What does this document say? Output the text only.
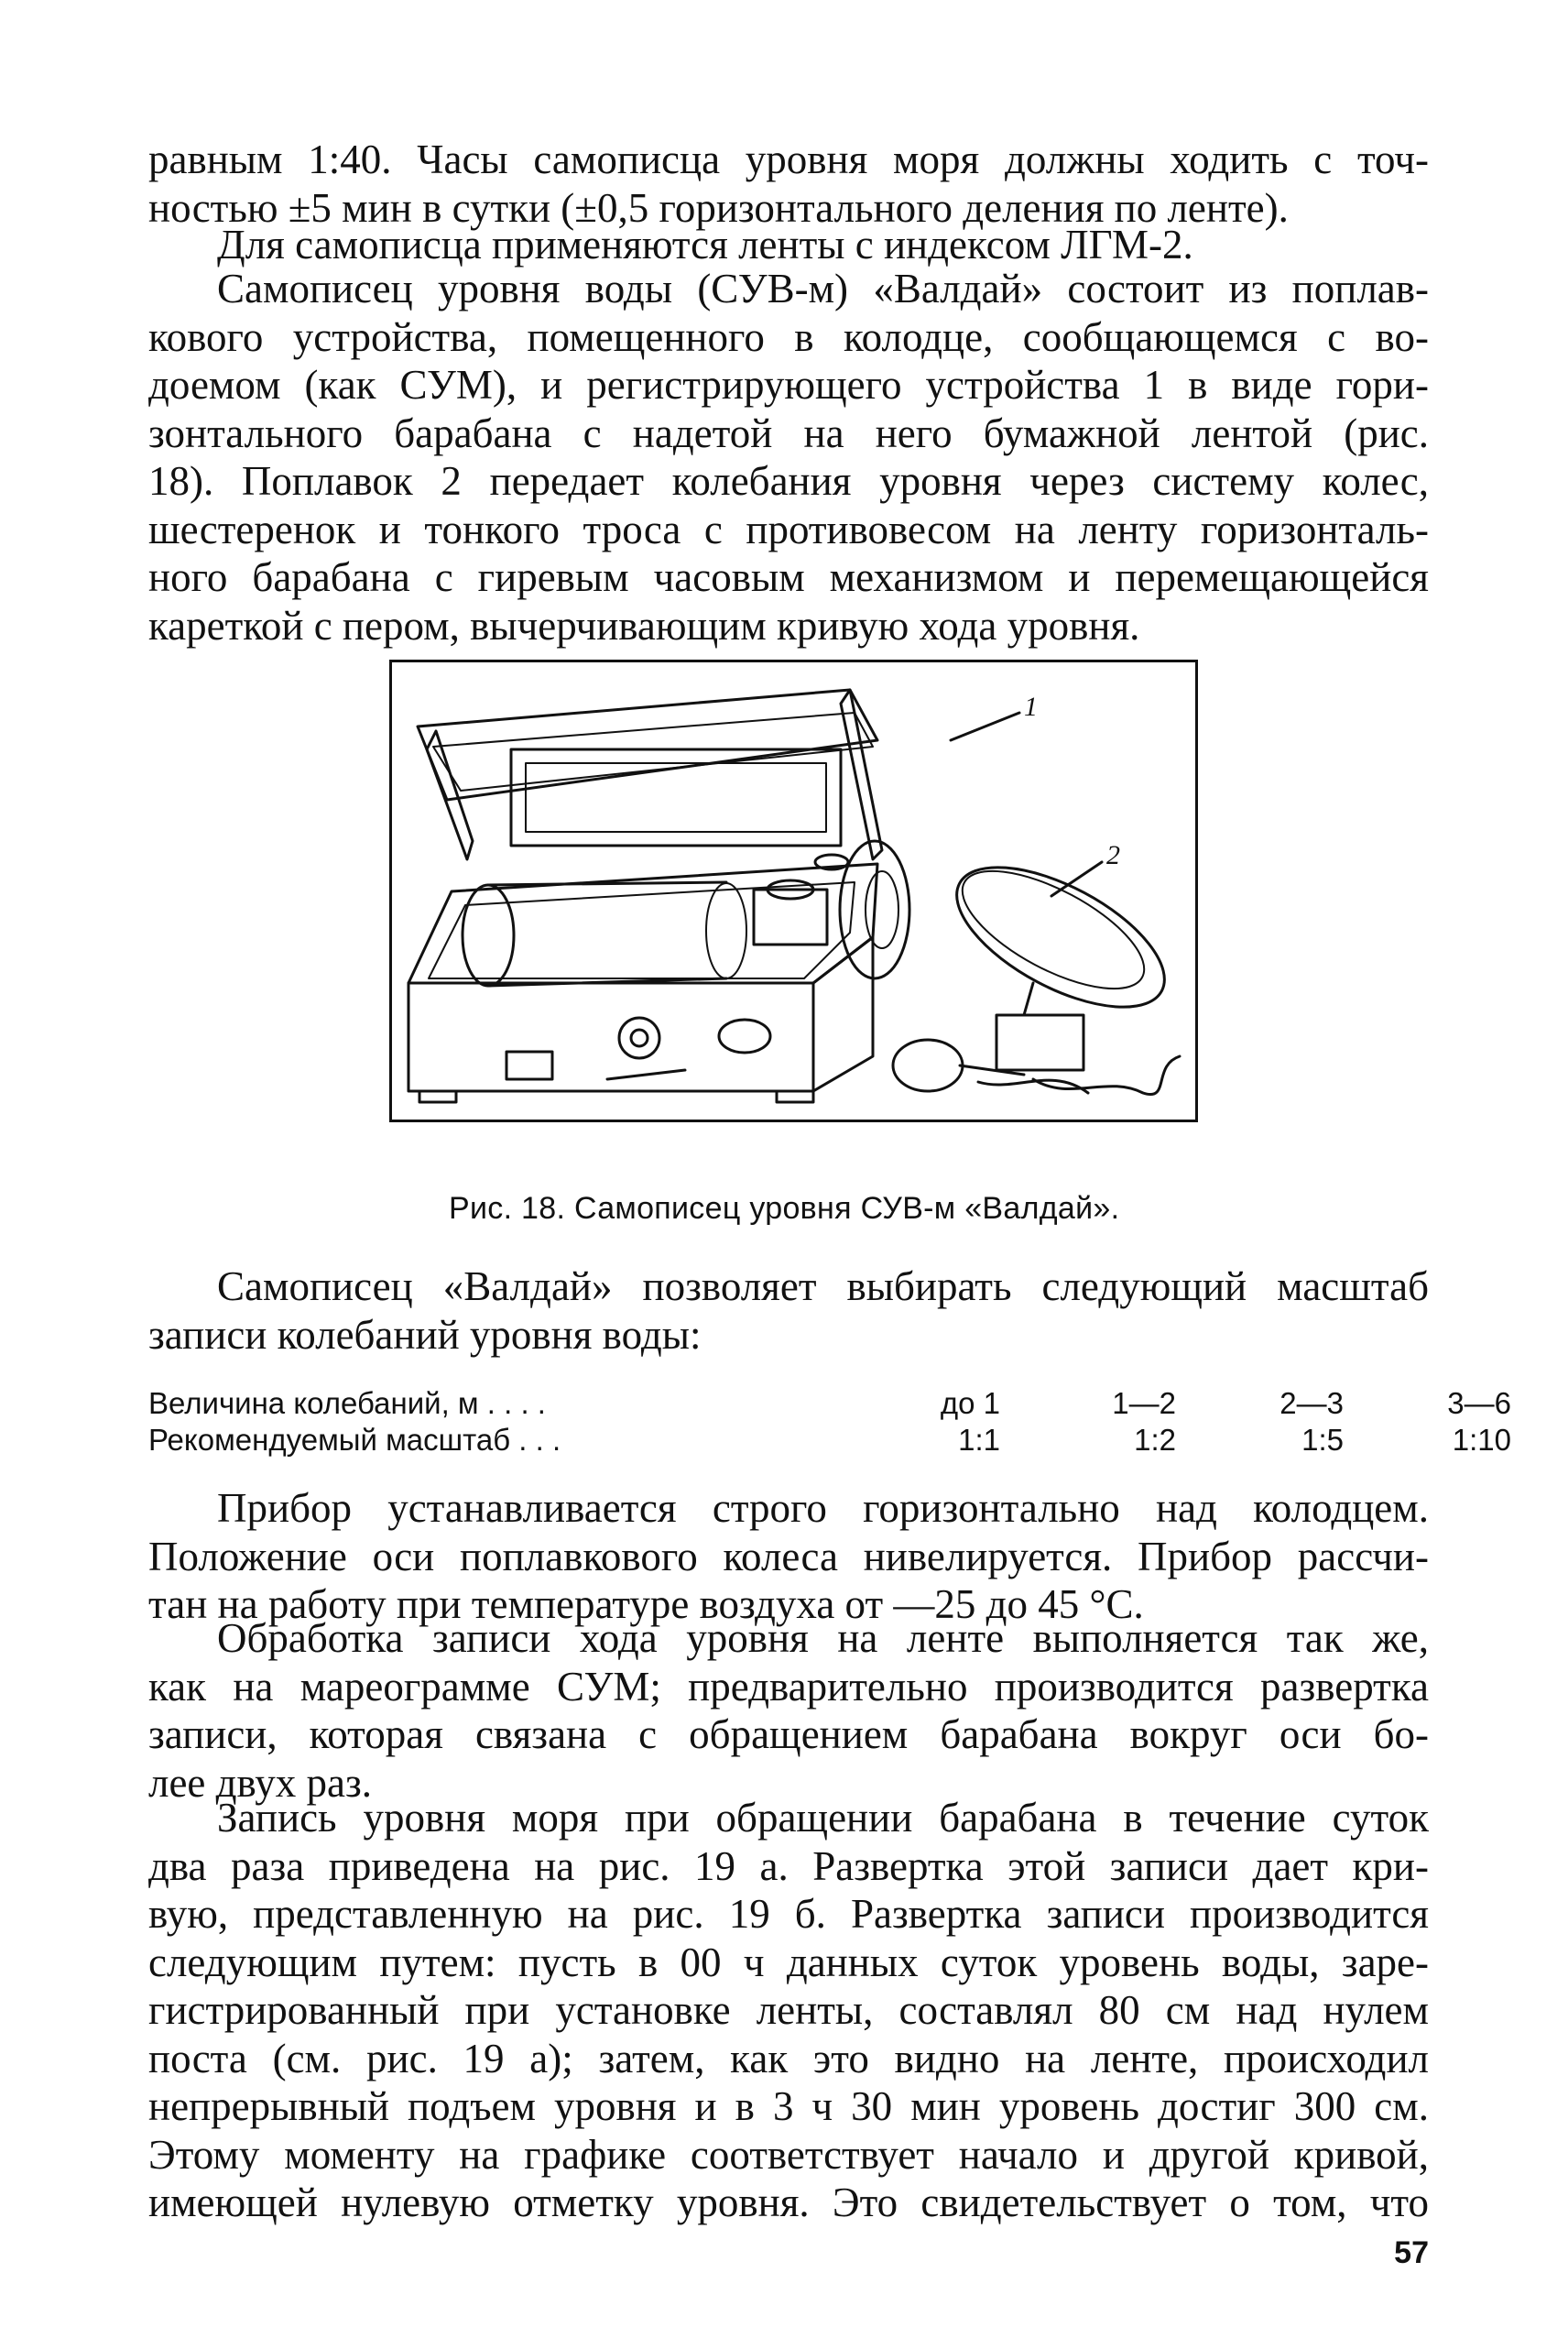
равным 1:40. Часы самописца уровня моря должны ходить с точ-
ностью ±5 мин в сутки (±0,5 горизонтального деления по ленте).
Для самописца применяются ленты с индексом ЛГМ-2.
Самописец уровня воды (СУВ-м) «Валдай» состоит из поплав-
кового устройства, помещенного в колодце, сообщающемся с во-
доемом (как СУМ), и регистрирующего устройства 1 в виде гори-
зонтального барабана с надетой на него бумажной лентой (рис.
18). Поплавок 2 передает колебания уровня через систему колес,
шестеренок и тонкого троса с противовесом на ленту горизонталь-
ного барабана с гиревым часовым механизмом и перемещающейся
кареткой с пером, вычерчивающим кривую хода уровня.
1
2
Рис. 18. Самописец уровня СУВ-м «Валдай».
Самописец «Валдай» позволяет выбирать следующий масштаб
записи колебаний уровня воды:
Величина колебаний, м . . . .	до 1	1—2	2—3	3—6
Рекомендуемый масштаб . . .	1:1	1:2	1:5	1:10
Прибор устанавливается строго горизонтально над колодцем.
Положение оси поплавкового колеса нивелируется. Прибор рассчи-
тан на работу при температуре воздуха от —25 до 45 °С.
Обработка записи хода уровня на ленте выполняется так же,
как на мареограмме СУМ; предварительно производится развертка
записи, которая связана с обращением барабана вокруг оси бо-
лее двух раз.
Запись уровня моря при обращении барабана в течение суток
два раза приведена на рис. 19 а. Развертка этой записи дает кри-
вую, представленную на рис. 19 б. Развертка записи производится
следующим путем: пусть в 00 ч данных суток уровень воды, заре-
гистрированный при установке ленты, составлял 80 см над нулем
поста (см. рис. 19 а); затем, как это видно на ленте, происходил
непрерывный подъем уровня и в 3 ч 30 мин уровень достиг 300 см.
Этому моменту на графике соответствует начало и другой кривой,
имеющей нулевую отметку уровня. Это свидетельствует о том, что
57
